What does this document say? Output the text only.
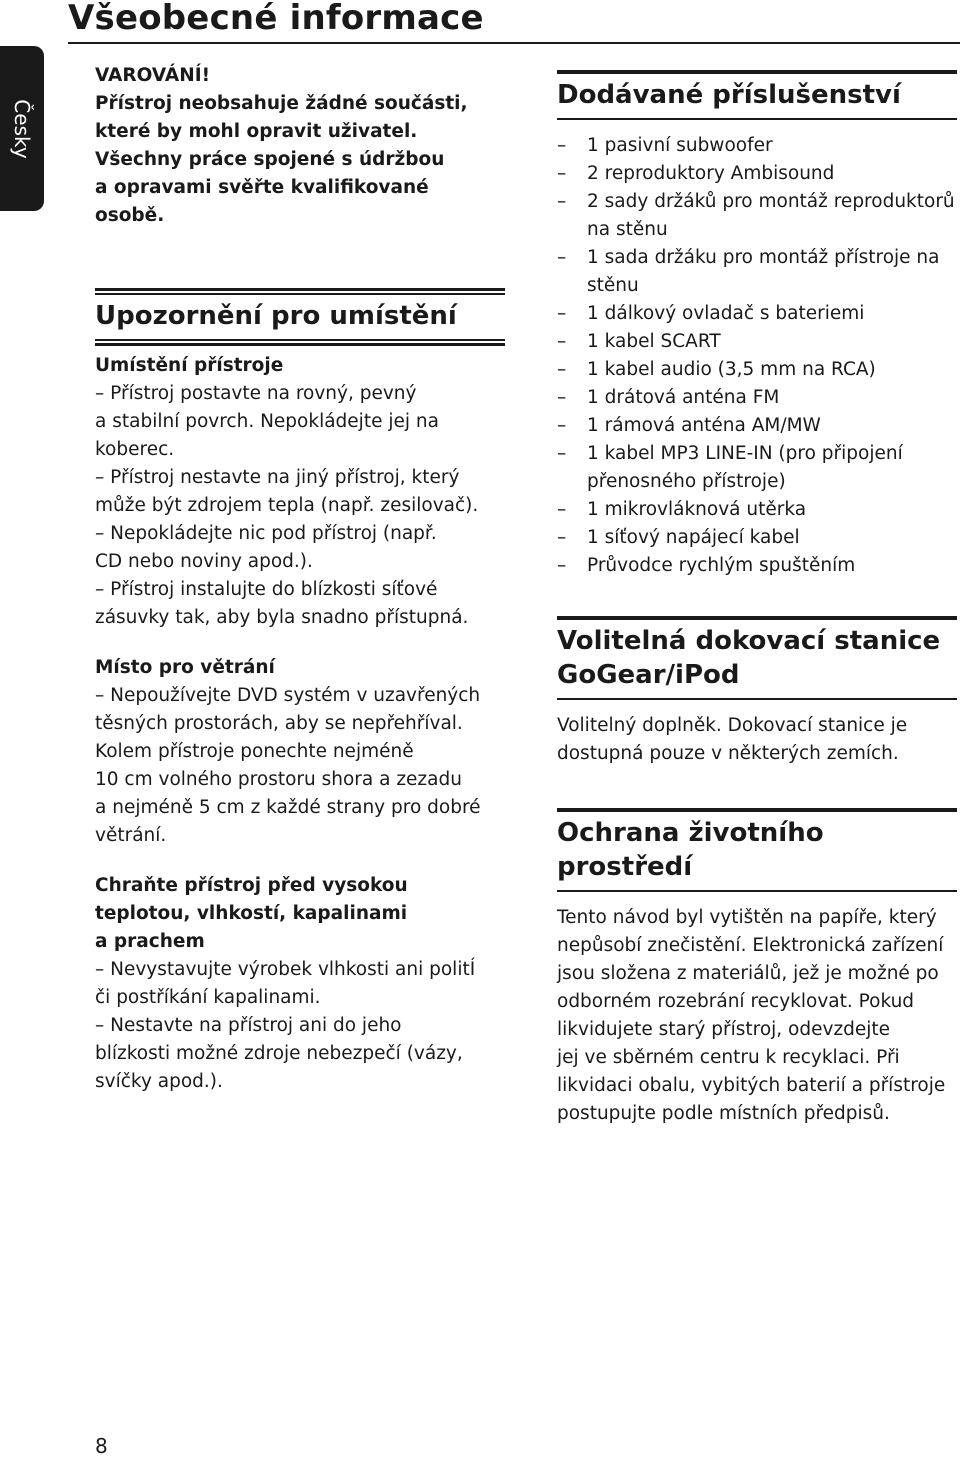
Všeobecné informace
Česky

VAROVÁNÍ!

Přístroj neobsahuje žádné součásti,

které by mohl opravit uživatel.

Všechny práce spojené s údržbou

a opravami svěřte kvalifikované

osobě.

Upozornění pro umístění

Umístění přístroje

– Přístroj postavte na rovný, pevný

a stabilní povrch. Nepokládejte jej na

koberec.

– Přístroj nestavte na jiný přístroj, který

může být zdrojem tepla (např. zesilovač).

– Nepokládejte nic pod přístroj (např.

CD nebo noviny apod.).

– Přístroj instalujte do blízkosti síťové

zásuvky tak, aby byla snadno přístupná.

Místo pro větrání

– Nepoužívejte DVD systém v uzavřených

těsných prostorách, aby se nepřehříval.

Kolem přístroje ponechte nejméně

10 cm volného prostoru shora a zezadu

a nejméně 5 cm z každé strany pro dobré

větrání.

Chraňte přístroj před vysokou

teplotou, vlhkostí, kapalinami

a prachem

– Nevystavujte výrobek vlhkosti ani politÍ

či postříkání kapalinami.

– Nestavte na přístroj ani do jeho

blízkosti možné zdroje nebezpečí (vázy,

svíčky apod.).

Dodávané příslušenství
–	1 pasivní subwoofer
–	2 reproduktory Ambisound
–	2 sady držáků pro montáž reproduktorů na stěnu
–	1 sada držáku pro montáž přístroje na stěnu
–	1 dálkový ovladač s bateriemi
–	1 kabel SCART
–	1 kabel audio (3,5 mm na RCA)
–	1 drátová anténa FM
–	1 rámová anténa AM/MW
–	1 kabel MP3 LINE-IN (pro připojení přenosného přístroje)
–	1 mikrovláknová utěrka
–	1 síťový napájecí kabel
–	Průvodce rychlým spuštěním
Volitelná dokovací stanice
GoGear/iPod

Volitelný doplněk. Dokovací stanice je

dostupná pouze v některých zemích.

Ochrana životního prostředí

Tento návod byl vytištěn na papíře, který

nepůsobí znečistění. Elektronická zařízení

jsou složena z materiálů, jež je možné po

odborném rozebrání recyklovat. Pokud

likvidujete starý přístroj, odevzdejte

jej ve sběrném centru k recyklaci. Při

likvidaci obalu, vybitých baterií a přístroje

postupujte podle místních předpisů.

8
